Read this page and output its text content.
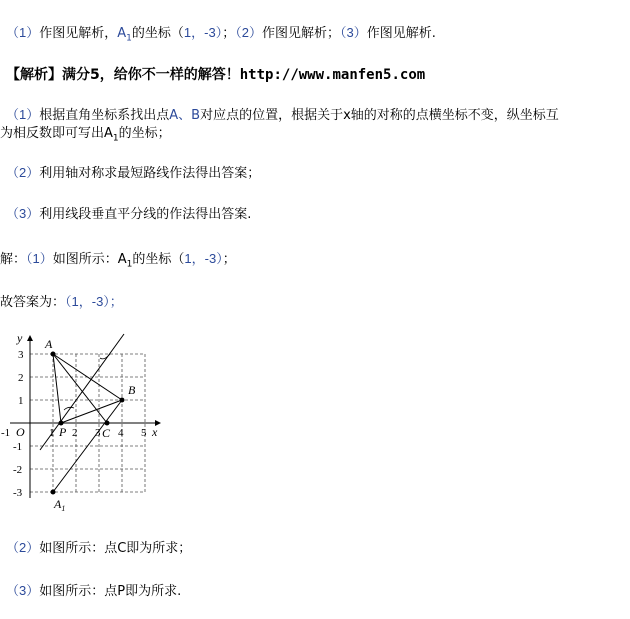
（1）作图见解析，$A_1$的坐标（1，-3）；（2）作图见解析；（3）作图见解析.
【解析】满分5，给你不一样的解答！http://www.manfen5.com
（1）根据直角坐标系找出点A、B对应点的位置，根据关于x轴的对称的点横坐标不变，纵坐标互
为相反数即可写出$A_1$的坐标；
（2）利用轴对称求最短路线作法得出答案；
（3）利用线段垂直平分线的作法得出答案.
解：（1）如图所示：$A_1$的坐标（1，-3）；
故答案为：（1，-3）；
y
x
O
-1	1 2 3 4 5
3
2
1
-1
-2
-3
A
B
P	C
$A_1$
（2）如图所示：点C即为所求；
（3）如图所示：点P即为所求.
